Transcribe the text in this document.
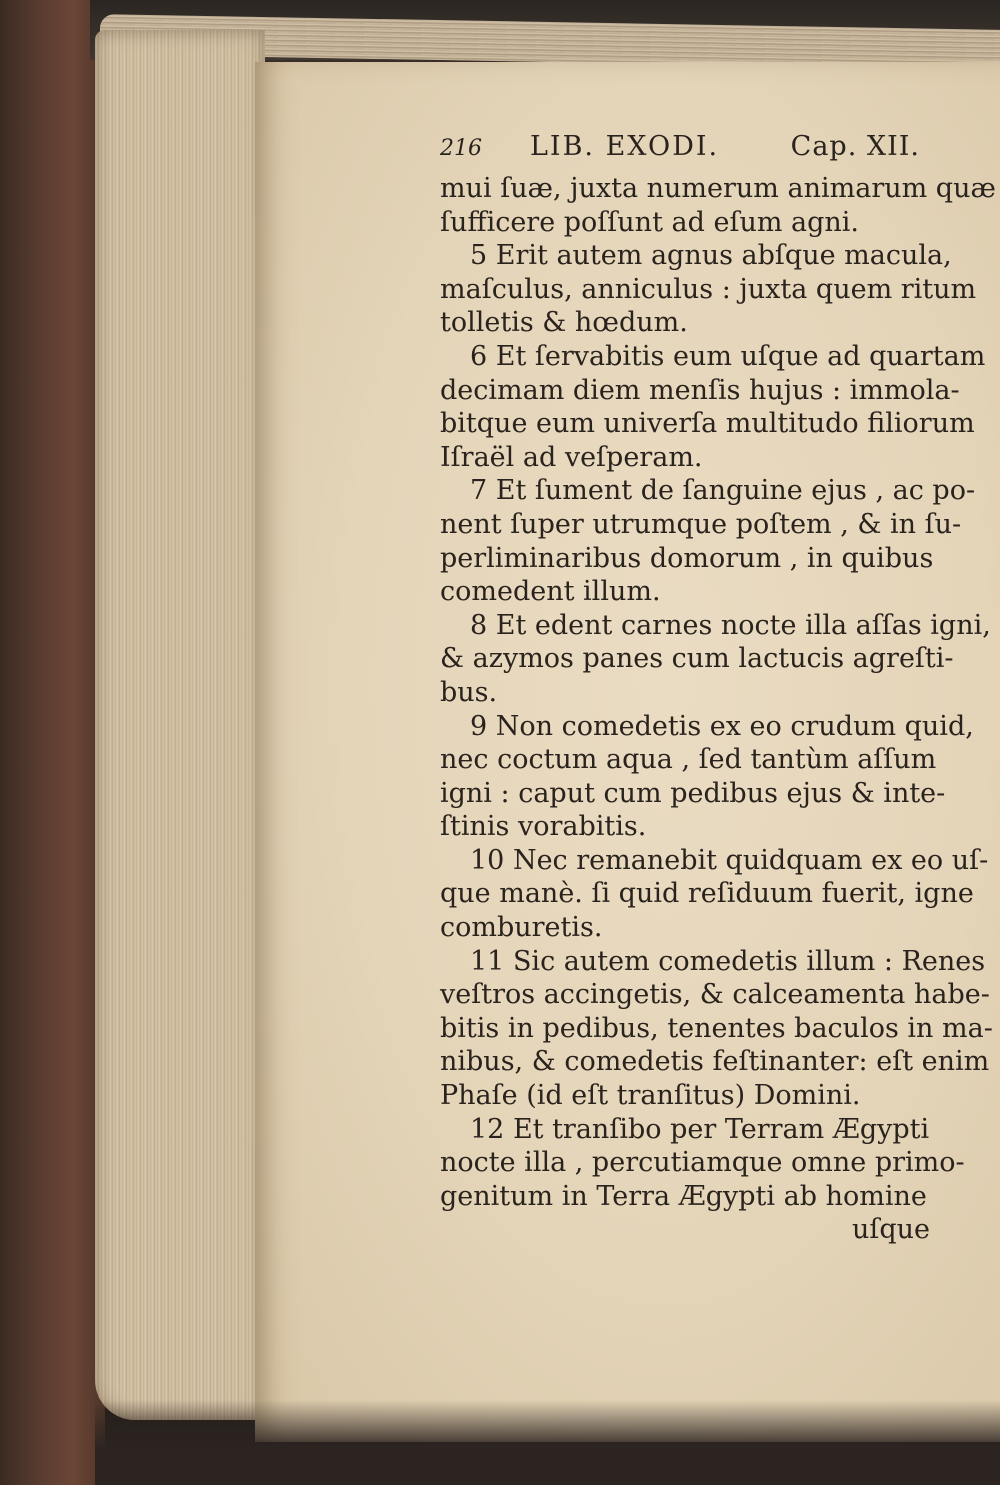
216	LIB. EXODI.	Cap. XII.
mui ſuæ, juxta numerum animarum quæ
ſufficere poſſunt ad eſum agni.
5 Erit autem agnus abſque macula,
maſculus, anniculus : juxta quem ritum
tolletis & hœdum.
6 Et ſervabitis eum uſque ad quartam
decimam diem menſis hujus : immola-
bitque eum univerſa multitudo filiorum
Iſraël ad veſperam.
7 Et ſument de ſanguine ejus , ac po-
nent ſuper utrumque poſtem , & in ſu-
perliminaribus domorum , in quibus
comedent illum.
8 Et edent carnes nocte illa aſſas igni,
& azymos panes cum lactucis agreſti-
bus.
9 Non comedetis ex eo crudum quid,
nec coctum aqua , ſed tantùm aſſum
igni : caput cum pedibus ejus & inte-
ſtinis vorabitis.
10 Nec remanebit quidquam ex eo uſ-
que manè. ſi quid reſiduum fuerit, igne
comburetis.
11 Sic autem comedetis illum : Renes
veſtros accingetis, & calceamenta habe-
bitis in pedibus, tenentes baculos in ma-
nibus, & comedetis feſtinanter: eſt enim
Phaſe (id eſt tranſitus) Domini.
12 Et tranſibo per Terram Ægypti
nocte illa , percutiamque omne primo-
genitum in Terra Ægypti ab homine
uſque
